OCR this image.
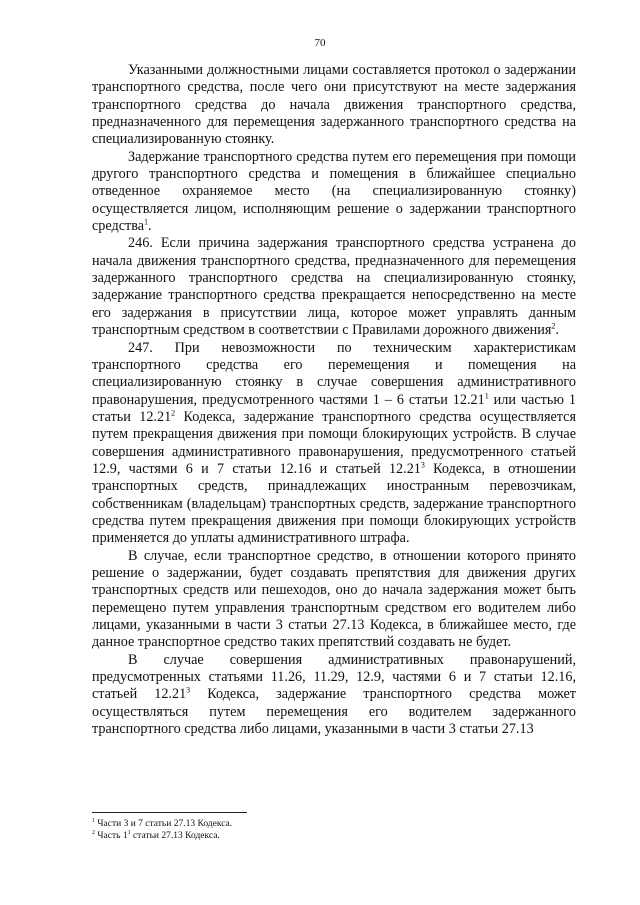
70

Указанными должностными лицами составляется протокол о задержании транспортного средства, после чего они присутствуют на месте задержания транспортного средства до начала движения транспортного средства, предназначенного для перемещения задержанного транспортного средства на специализированную стоянку.

Задержание транспортного средства путем его перемещения при помощи другого транспортного средства и помещения в ближайшее специально отведенное охраняемое место (на специализированную стоянку) осуществляется лицом, исполняющим решение о задержании транспортного средства$^1$.

246. Если причина задержания транспортного средства устранена до начала движения транспортного средства, предназначенного для перемещения задержанного транспортного средства на специализированную стоянку, задержание транспортного средства прекращается непосредственно на месте его задержания в присутствии лица, которое может управлять данным транспортным средством в соответствии с Правилами дорожного движения$^2$.

247. При невозможности по техническим характеристикам транспортного средства его перемещения и помещения на специализированную стоянку в случае совершения административного правонарушения, предусмотренного частями 1 – 6 статьи 12.21$^1$ или частью 1 статьи 12.21$^2$ Кодекса, задержание транспортного средства осуществляется путем прекращения движения при помощи блокирующих устройств. В случае совершения административного правонарушения, предусмотренного статьей 12.9, частями 6 и 7 статьи 12.16 и статьей 12.21$^3$ Кодекса, в отношении транспортных средств, принадлежащих иностранным перевозчикам, собственникам (владельцам) транспортных средств, задержание транспортного средства путем прекращения движения при помощи блокирующих устройств применяется до уплаты административного штрафа.

В случае, если транспортное средство, в отношении которого принято решение о задержании, будет создавать препятствия для движения других транспортных средств или пешеходов, оно до начала задержания может быть перемещено путем управления транспортным средством его водителем либо лицами, указанными в части 3 статьи 27.13 Кодекса, в ближайшее место, где данное транспортное средство таких препятствий создавать не будет.

В случае совершения административных правонарушений, предусмотренных статьями 11.26, 11.29, 12.9, частями 6 и 7 статьи 12.16, статьей 12.21$^3$ Кодекса, задержание транспортного средства может осуществляться путем перемещения его водителем задержанного транспортного средства либо лицами, указанными в части 3 статьи 27.13

$^1$ Части 3 и 7 статьи 27.13 Кодекса.

$^2$ Часть $1^1$ статьи 27.13 Кодекса.
